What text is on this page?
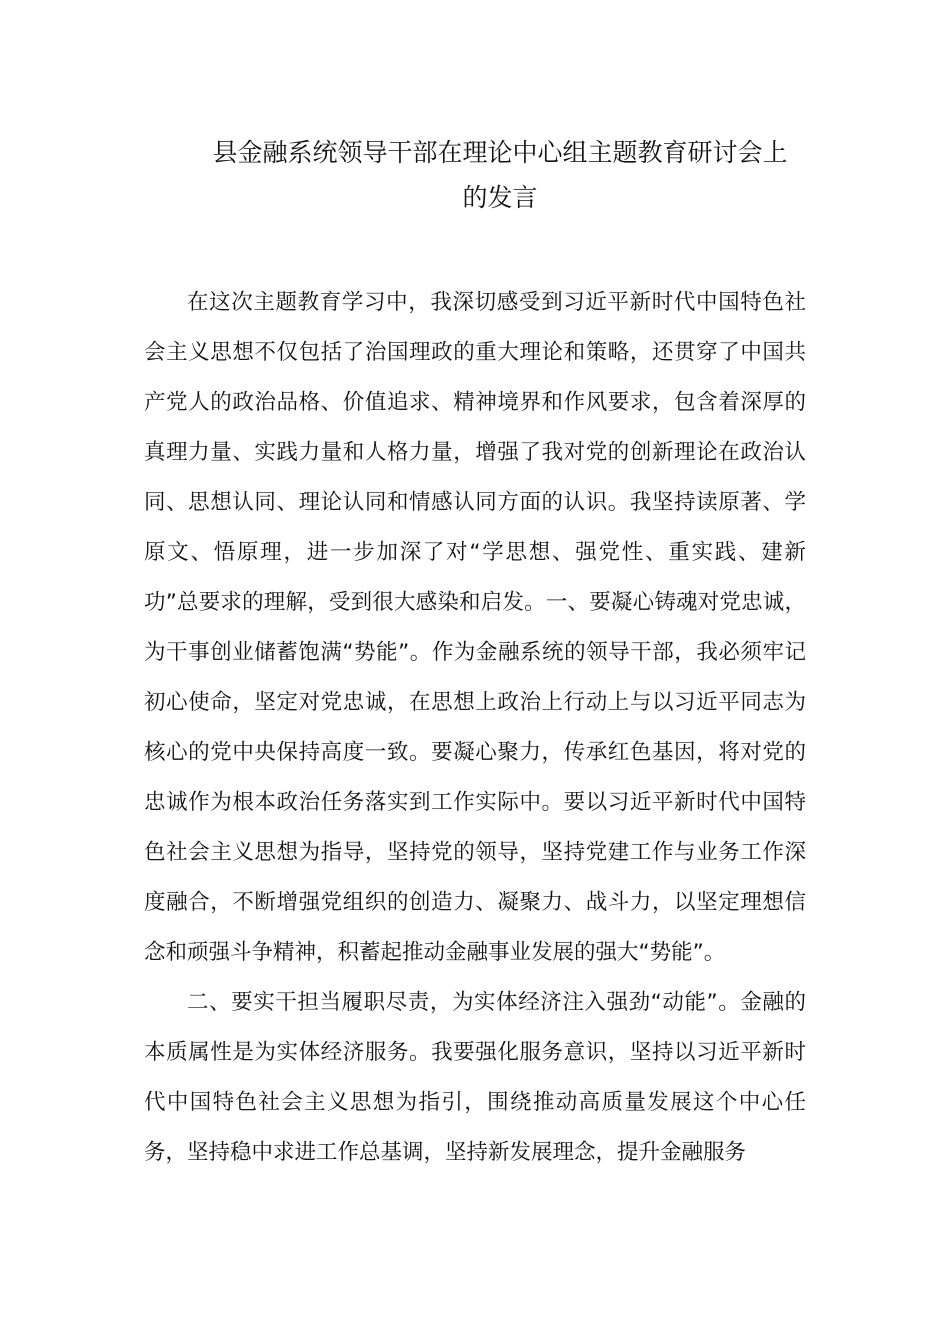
县金融系统领导干部在理论中心组主题教育研讨会上
的发言

在这次主题教育学习中，我深切感受到习近平新时代中国特色社会主义思想不仅包括了治国理政的重大理论和策略，还贯穿了中国共产党人的政治品格、价值追求、精神境界和作风要求，包含着深厚的真理力量、实践力量和人格力量，增强了我对党的创新理论在政治认同、思想认同、理论认同和情感认同方面的认识。我坚持读原著、学原文、悟原理，进一步加深了对“学思想、强党性、重实践、建新功”总要求的理解，受到很大感染和启发。一、要凝心铸魂对党忠诚，为干事创业储蓄饱满“势能”。作为金融系统的领导干部，我必须牢记初心使命，坚定对党忠诚，在思想上政治上行动上与以习近平同志为核心的党中央保持高度一致。要凝心聚力，传承红色基因，将对党的忠诚作为根本政治任务落实到工作实际中。要以习近平新时代中国特色社会主义思想为指导，坚持党的领导，坚持党建工作与业务工作深度融合，不断增强党组织的创造力、凝聚力、战斗力，以坚定理想信念和顽强斗争精神，积蓄起推动金融事业发展的强大“势能”。

二、要实干担当履职尽责，为实体经济注入强劲“动能”。金融的本质属性是为实体经济服务。我要强化服务意识，坚持以习近平新时代中国特色社会主义思想为指引，围绕推动高质量发展这个中心任务，坚持稳中求进工作总基调，坚持新发展理念，提升金融服务
